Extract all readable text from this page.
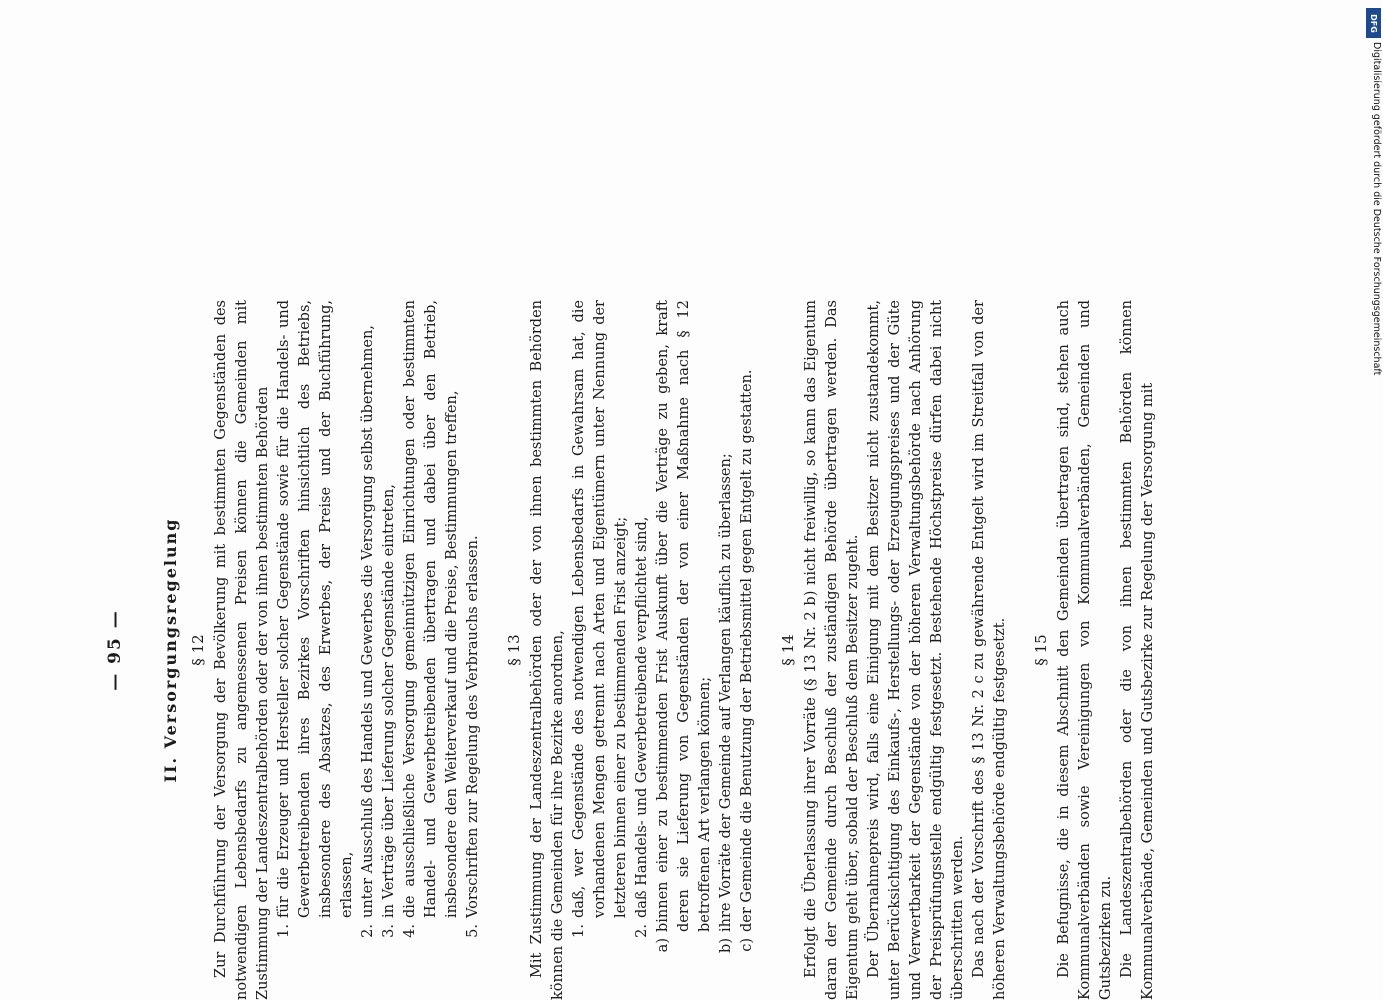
— 95 — II. Versorgungsregelung § 12 Zur Durchführung der Versorgung der Bevölkerung mit bestimmten Gegenständen des notwendigen Lebensbedarfs zu angemessenen Preisen können die Gemeinden mit Zustimmung der Landeszentralbehörden oder der von ihnen bestimmten Behörden 1.
für die Erzeuger und Hersteller solcher Gegenstände sowie für die Handels- und Gewerbetreibenden ihres Bezirkes Vorschriften hinsichtlich des Betriebs, insbesondere des Absatzes, des Erwerbes, der Preise und der Buchführung, erlassen,
2.
unter Ausschluß des Handels und Gewerbes die Versorgung selbst übernehmen,
3.
in Verträge über Lieferung solcher Gegenstände eintreten,
4.
die ausschließliche Versorgung gemeinnützigen Einrichtungen oder bestimmten Handel- und Gewerbetreibenden übertragen und dabei über den Betrieb, insbesondere den Weiterverkauf und die Preise, Bestimmungen treffen,
5.
Vorschriften zur Regelung des Verbrauchs erlassen. § 13 Mit Zustimmung der Landeszentralbehörden oder der von ihnen bestimmten Behörden können die Gemeinden für ihre Bezirke anordnen, 1.
daß, wer Gegenstände des notwendigen Lebensbedarfs in Gewahrsam hat, die vorhandenen Mengen getrennt nach Arten und Eigentümern unter Nennung der letzteren binnen einer zu bestimmenden Frist anzeigt;
2.
daß Handels- und Gewerbetreibende verpflichtet sind,
a)
binnen einer zu bestimmenden Frist Auskunft über die Verträge zu geben, kraft deren sie Lieferung von Gegenständen der von einer Maßnahme nach § 12 betroffenen Art verlangen können;
b)
ihre Vorräte der Gemeinde auf Verlangen käuflich zu überlassen;
c)
der Gemeinde die Benutzung der Betriebsmittel gegen Entgelt zu gestatten. § 14 Erfolgt die Überlassung ihrer Vorräte (§ 13 Nr. 2 b) nicht freiwillig, so kann das Eigentum daran der Gemeinde durch Beschluß der zuständigen Behörde übertragen werden. Das Eigentum geht über, sobald der Beschluß dem Besitzer zugeht. Der Übernahmepreis wird, falls eine Einigung mit dem Besitzer nicht zustandekommt, unter Berücksichtigung des Einkaufs-, Herstellungs- oder Erzeugungspreises und der Güte und Verwertbarkeit der Gegenstände von der höheren Verwaltungsbehörde nach Anhörung der Preisprüfungsstelle endgültig festgesetzt. Bestehende Höchstpreise dürfen dabei nicht überschritten werden. Das nach der Vorschrift des § 13 Nr. 2 c zu gewährende Entgelt wird im Streitfall von der höheren Verwaltungsbehörde endgültig festgesetzt. § 15 Die Befugnisse, die in diesem Abschnitt den Gemeinden übertragen sind, stehen auch Kommunalverbänden sowie Vereinigungen von Kommunalverbänden, Gemeinden und Gutsbezirken zu. Die Landeszentralbehörden oder die von ihnen bestimmten Behörden können Kommunalverbände, Gemeinden und Gutsbezirke zur Regelung der Versorgung mit

DFG
Digitalisierung gefördert durch die Deutsche Forschungsgemeinschaft
